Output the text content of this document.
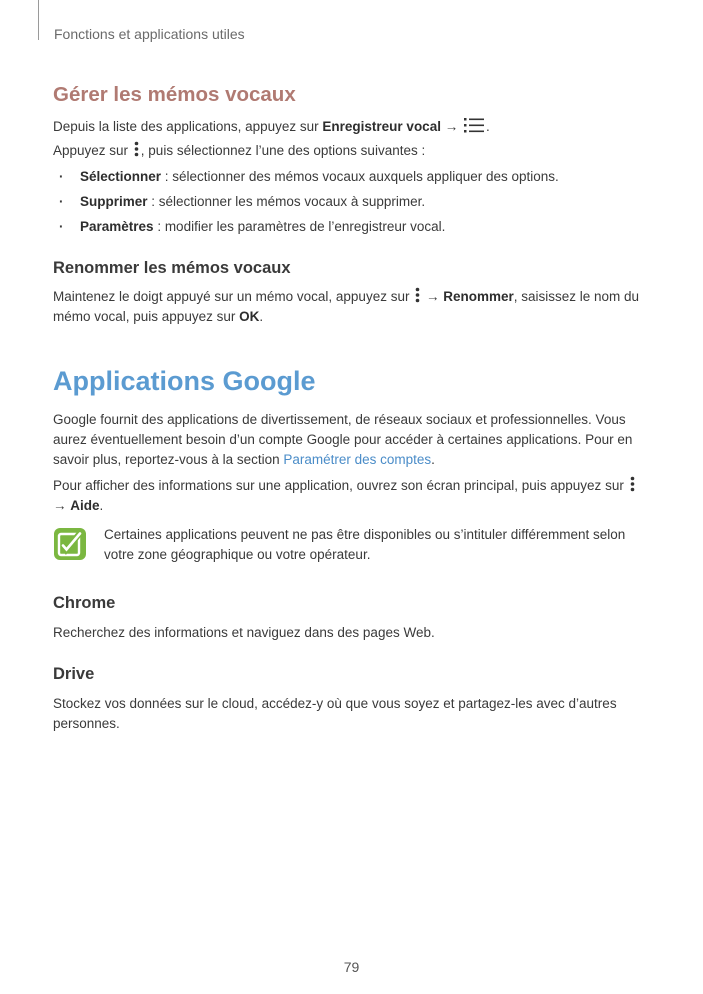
Fonctions et applications utiles
Gérer les mémos vocaux

Depuis la liste des applications, appuyez sur Enregistreur vocal → .

Appuyez sur , puis sélectionnez l’une des options suivantes :

· Sélectionner : sélectionner des mémos vocaux auxquels appliquer des options.
· Supprimer : sélectionner les mémos vocaux à supprimer.
· Paramètres : modifier les paramètres de l’enregistreur vocal.
Renommer les mémos vocaux

Maintenez le doigt appuyé sur un mémo vocal, appuyez sur  → Renommer, saisissez le nom du mémo vocal, puis appuyez sur OK.

Applications Google

Google fournit des applications de divertissement, de réseaux sociaux et professionnelles. Vous aurez éventuellement besoin d’un compte Google pour accéder à certaines applications. Pour en savoir plus, reportez-vous à la section Paramétrer des comptes.

Pour afficher des informations sur une application, ouvrez son écran principal, puis appuyez sur  → Aide.

Certaines applications peuvent ne pas être disponibles ou s’intituler différemment selon votre zone géographique ou votre opérateur.

Chrome

Recherchez des informations et naviguez dans des pages Web.

Drive

Stockez vos données sur le cloud, accédez-y où que vous soyez et partagez-les avec d’autres personnes.

79
